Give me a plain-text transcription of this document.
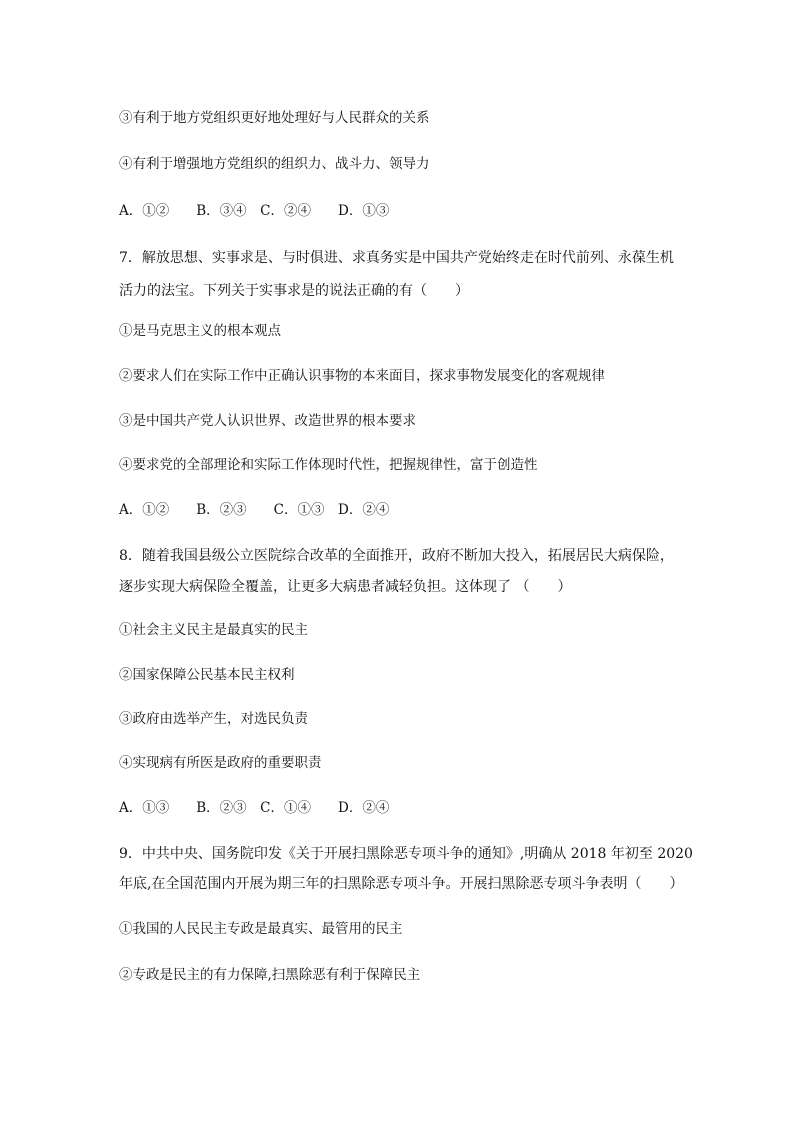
③有利于地方党组织更好地处理好与人民群众的关系
④有利于增强地方党组织的组织力、战斗力、领导力
A．①②　　B．③④　C．②④　　D．①③
7．解放思想、实事求是、与时俱进、求真务实是中国共产党始终走在时代前列、永葆生机
活力的法宝。下列关于实事求是的说法正确的有（　　）
①是马克思主义的根本观点
②要求人们在实际工作中正确认识事物的本来面目，探求事物发展变化的客观规律
③是中国共产党人认识世界、改造世界的根本要求
④要求党的全部理论和实际工作体现时代性，把握规律性，富于创造性
A．①②　　B．②③　　C．①③　D．②④
8．随着我国县级公立医院综合改革的全面推开，政府不断加大投入，拓展居民大病保险，
逐步实现大病保险全覆盖，让更多大病患者减轻负担。这体现了 （　　）
①社会主义民主是最真实的民主
②国家保障公民基本民主权利
③政府由选举产生，对选民负责
④实现病有所医是政府的重要职责
A．①③　　B．②③　C．①④　　D．②④
9．中共中央、国务院印发《关于开展扫黑除恶专项斗争的通知》,明确从 2018 年初至 2020
年底,在全国范围内开展为期三年的扫黑除恶专项斗争。开展扫黑除恶专项斗争表明（　　）
①我国的人民民主专政是最真实、最管用的民主
②专政是民主的有力保障,扫黑除恶有利于保障民主
